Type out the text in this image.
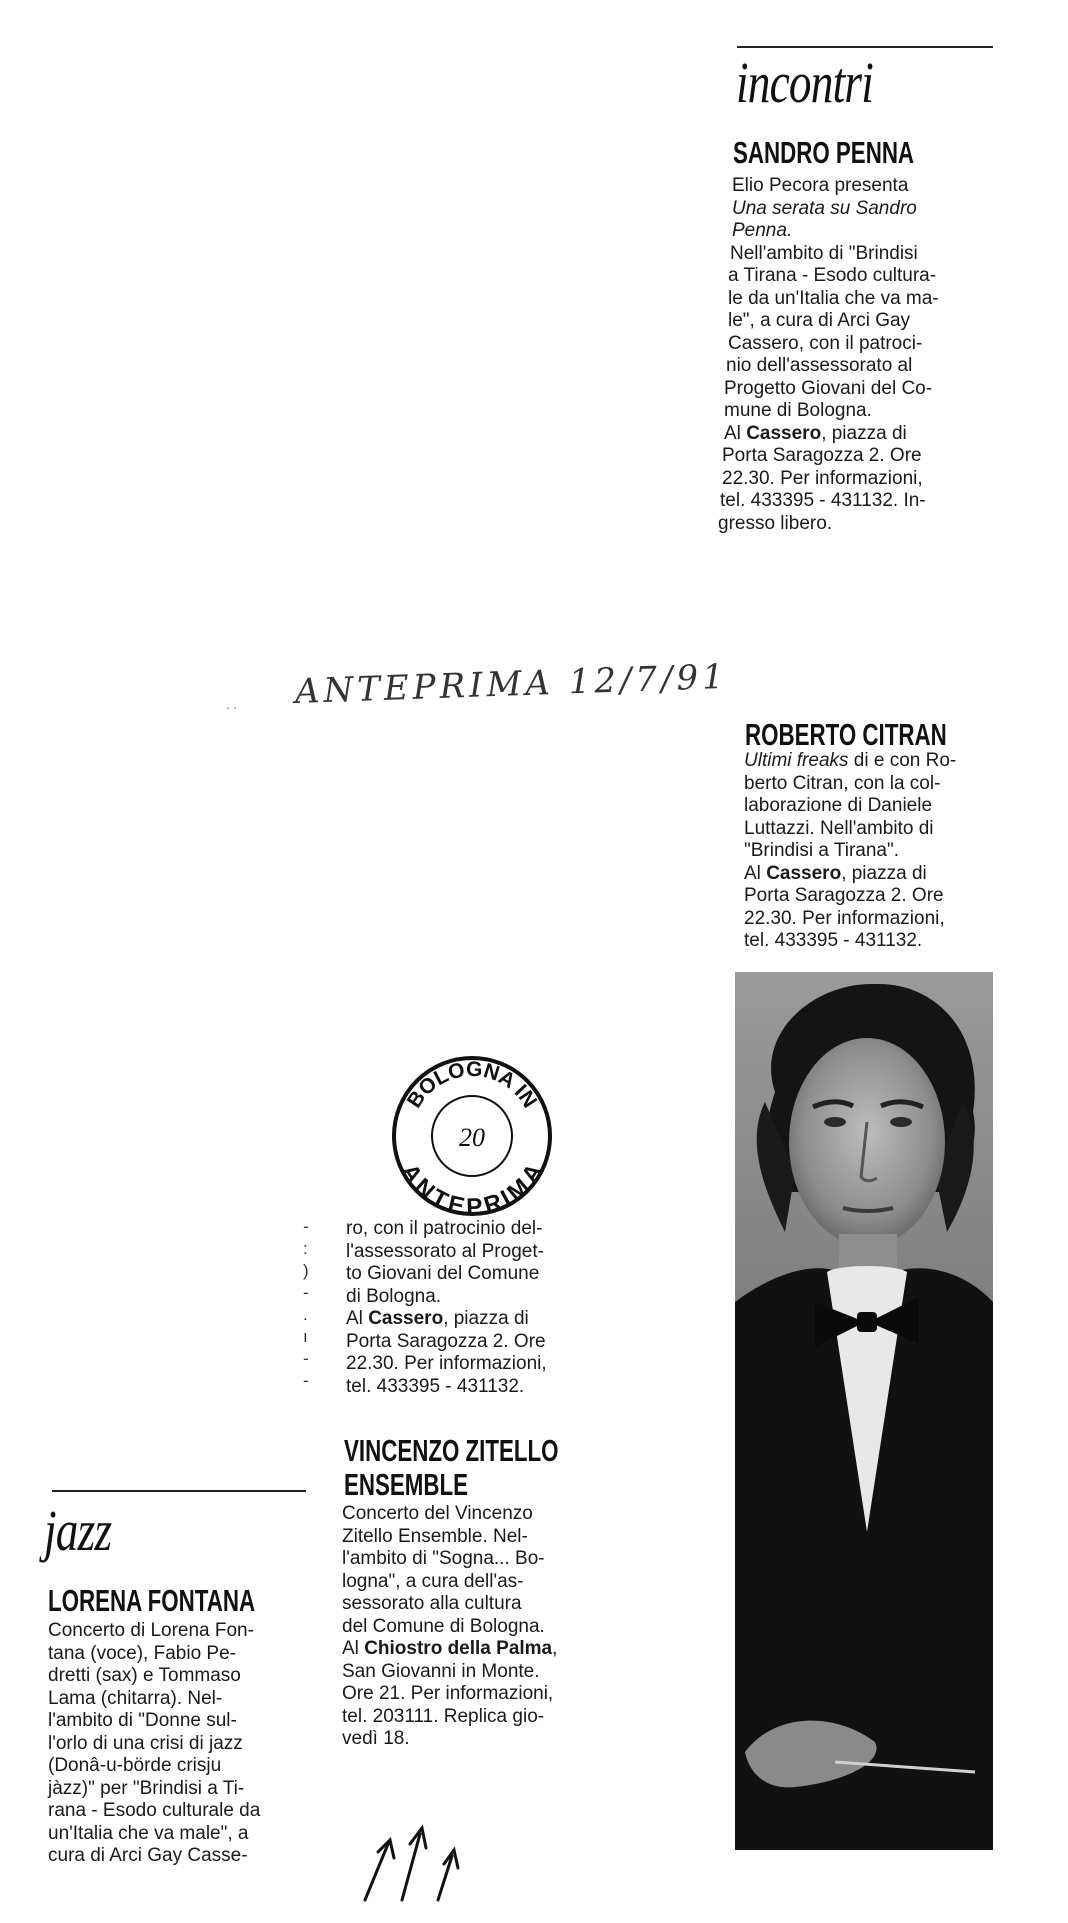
incontri
SANDRO PENNA
Elio Pecora presenta
Una serata su Sandro
Penna.
Nell'ambito di "Brindisi
a Tirana - Esodo cultura-
le da un'Italia che va ma-
le", a cura di Arci Gay
Cassero, con il patroci-
nio dell'assessorato al
Progetto Giovani del Co-
mune di Bologna.
Al Cassero, piazza di
Porta Saragozza 2. Ore
22.30. Per informazioni,
tel. 433395 - 431132. In-
gresso libero.
ANTEPRIMA 12/7/91
..
ROBERTO CITRAN
Ultimi freaks di e con Ro-
berto Citran, con la col-
laborazione di Daniele
Luttazzi. Nell'ambito di
"Brindisi a Tirana".
Al Cassero, piazza di
Porta Saragozza 2. Ore
22.30. Per informazioni,
tel. 433395 - 431132.
BOLOGNA IN
ANTEPRIMA
20
-
:
)
-
.
ı
-
-
ro, con il patrocinio del-
l'assessorato al Proget-
to Giovani del Comune
di Bologna.
Al Cassero, piazza di
Porta Saragozza 2. Ore
22.30. Per informazioni,
tel. 433395 - 431132.
VINCENZO ZITELLO
ENSEMBLE
Concerto del Vincenzo
Zitello Ensemble. Nel-
l'ambito di "Sogna... Bo-
logna", a cura dell'as-
sessorato alla cultura
del Comune di Bologna.
Al Chiostro della Palma,
San Giovanni in Monte.
Ore 21. Per informazioni,
tel. 203111. Replica gio-
vedì 18.
jazz
LORENA FONTANA
Concerto di Lorena Fon-
tana (voce), Fabio Pe-
dretti (sax) e Tommaso
Lama (chitarra). Nel-
l'ambito di "Donne sul-
l'orlo di una crisi di jazz
(Donâ-u-börde crisju
jàzz)" per "Brindisi a Ti-
rana - Esodo culturale da
un'Italia che va male", a
cura di Arci Gay Casse-
